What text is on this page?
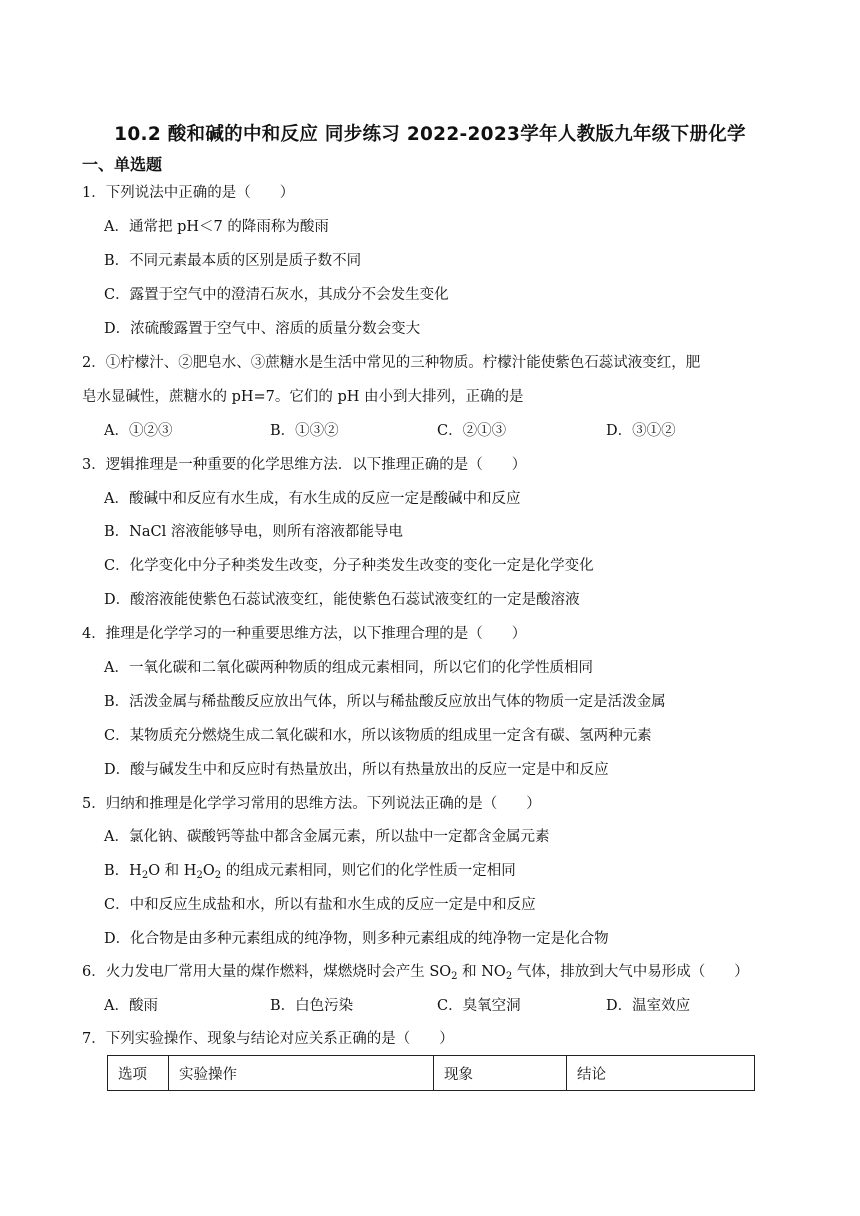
10.2 酸和碱的中和反应 同步练习 2022-2023学年人教版九年级下册化学
一、单选题
1．下列说法中正确的是（　　）
A．通常把 pH＜7 的降雨称为酸雨
B．不同元素最本质的区别是质子数不同
C．露置于空气中的澄清石灰水，其成分不会发生变化
D．浓硫酸露置于空气中、溶质的质量分数会变大
2．①柠檬汁、②肥皂水、③蔗糖水是生活中常见的三种物质。柠檬汁能使紫色石蕊试液变红，肥
皂水显碱性，蔗糖水的 pH=7。它们的 pH 由小到大排列，正确的是
A．①②③	B．①③②	C．②①③	D．③①②
3．逻辑推理是一种重要的化学思维方法．以下推理正确的是（　　）
A．酸碱中和反应有水生成，有水生成的反应一定是酸碱中和反应
B．NaCl 溶液能够导电，则所有溶液都能导电
C．化学变化中分子种类发生改变，分子种类发生改变的变化一定是化学变化
D．酸溶液能使紫色石蕊试液变红，能使紫色石蕊试液变红的一定是酸溶液
4．推理是化学学习的一种重要思维方法，以下推理合理的是（　　）
A．一氧化碳和二氧化碳两种物质的组成元素相同，所以它们的化学性质相同
B．活泼金属与稀盐酸反应放出气体，所以与稀盐酸反应放出气体的物质一定是活泼金属
C．某物质充分燃烧生成二氧化碳和水，所以该物质的组成里一定含有碳、氢两种元素
D．酸与碱发生中和反应时有热量放出，所以有热量放出的反应一定是中和反应
5．归纳和推理是化学学习常用的思维方法。下列说法正确的是（　　）
A．氯化钠、碳酸钙等盐中都含金属元素，所以盐中一定都含金属元素
B．$H_2O$ 和 $H_2O_2$ 的组成元素相同，则它们的化学性质一定相同
C．中和反应生成盐和水，所以有盐和水生成的反应一定是中和反应
D．化合物是由多种元素组成的纯净物，则多种元素组成的纯净物一定是化合物
6．火力发电厂常用大量的煤作燃料，煤燃烧时会产生 $SO_2$ 和 $NO_2$ 气体，排放到大气中易形成（　　）
A．酸雨	B．白色污染	C．臭氧空洞	D．温室效应
7．下列实验操作、现象与结论对应关系正确的是（　　）
选项	实验操作	现象	结论
